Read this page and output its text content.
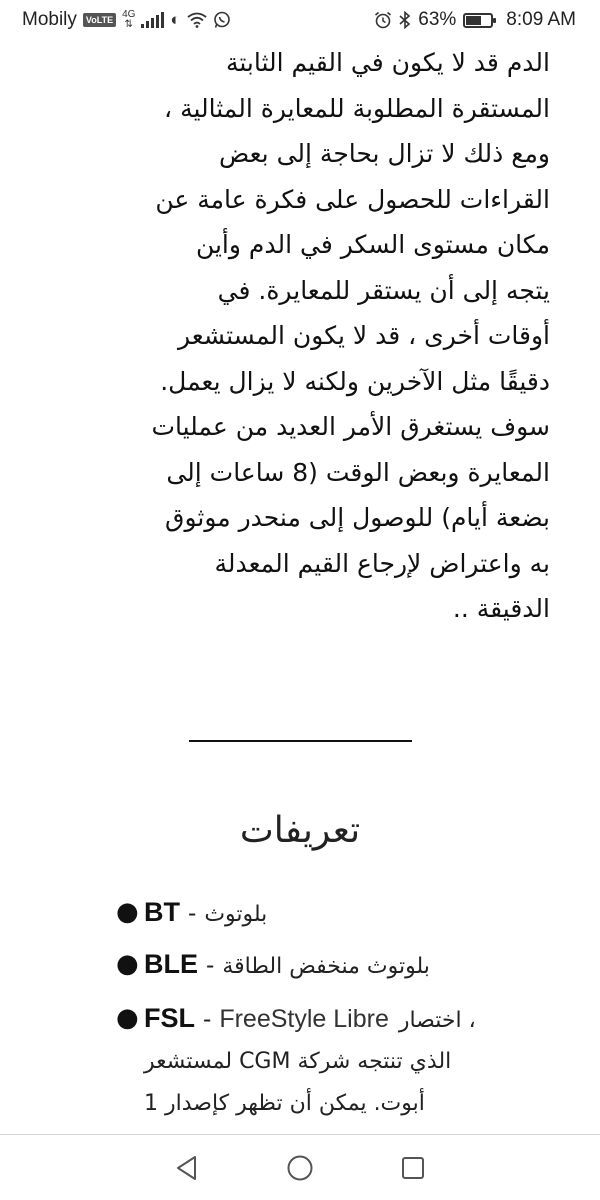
Mobily	VoLTE 4G
⇅ ◐	63%	8:09 AM
الدم قد لا يكون في القيم الثابتة
المستقرة المطلوبة للمعايرة المثالية ،
ومع ذلك لا تزال بحاجة إلى بعض
القراءات للحصول على فكرة عامة عن
مكان مستوى السكر في الدم وأين
يتجه إلى أن يستقر للمعايرة. في
أوقات أخرى ، قد لا يكون المستشعر
دقيقًا مثل الآخرين ولكنه لا يزال يعمل.
سوف يستغرق الأمر العديد من عمليات
المعايرة وبعض الوقت (8 ساعات إلى
بضعة أيام) للوصول إلى منحدر موثوق
به واعتراض لإرجاع القيم المعدلة
الدقيقة ..
تعريفات
● BT - بلوتوث
● BLE - بلوتوث منخفض الطاقة
● FSL - FreeStyle Libre اختصار ،
الذي تنتجه شركة CGM لمستشعر
أبوت. يمكن أن تظهر كإصدار 1
